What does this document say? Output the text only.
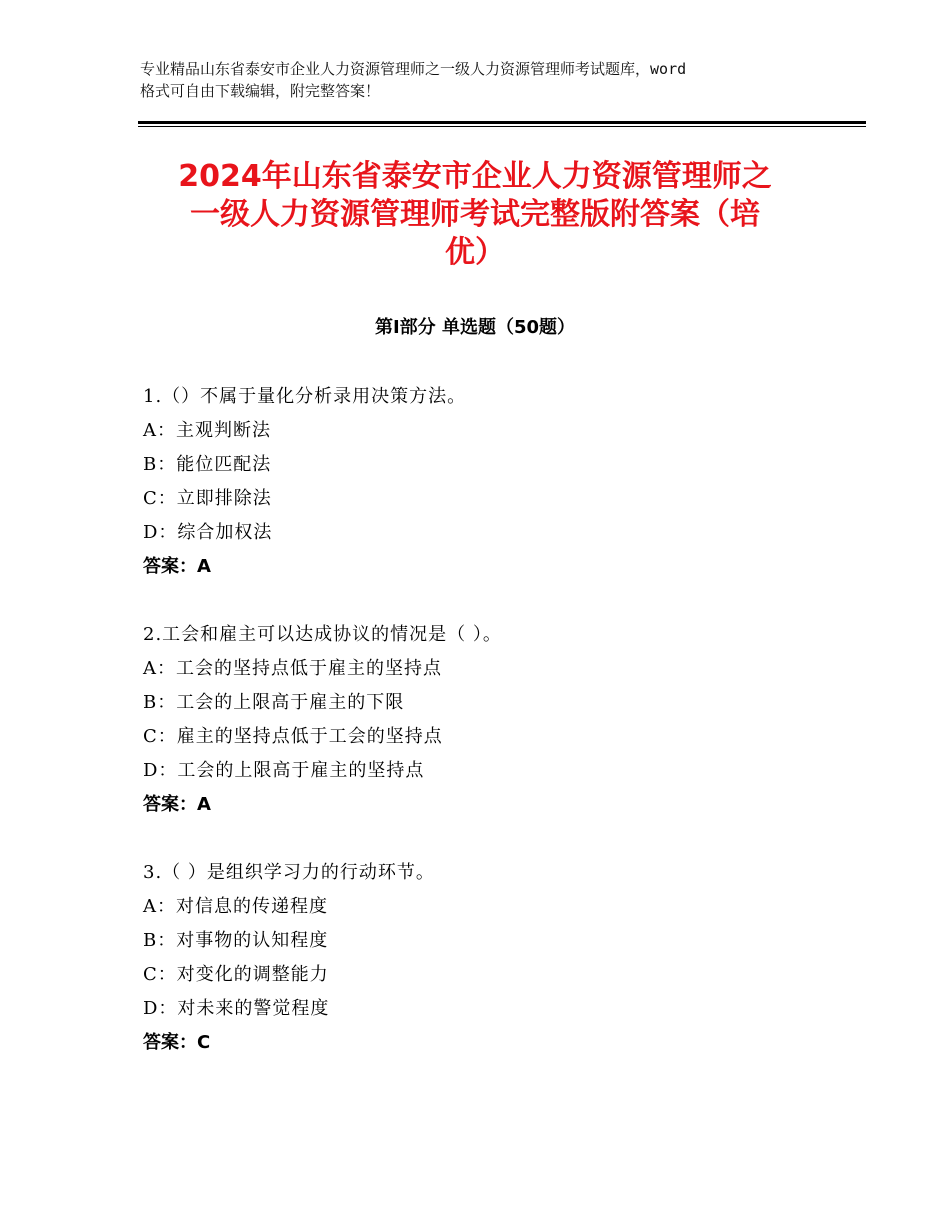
专业精品山东省泰安市企业人力资源管理师之一级人力资源管理师考试题库，word
格式可自由下载编辑，附完整答案！
2024年山东省泰安市企业人力资源管理师之
一级人力资源管理师考试完整版附答案（培
优）
第Ⅰ部分 单选题（50题）
1.（）不属于量化分析录用决策方法。
A：主观判断法
B：能位匹配法
C：立即排除法
D：综合加权法
答案：A
2.工会和雇主可以达成协议的情况是（ ）。
A：工会的坚持点低于雇主的坚持点
B：工会的上限高于雇主的下限
C：雇主的坚持点低于工会的坚持点
D：工会的上限高于雇主的坚持点
答案：A
3.（ ）是组织学习力的行动环节。
A：对信息的传递程度
B：对事物的认知程度
C：对变化的调整能力
D：对未来的警觉程度
答案：C
